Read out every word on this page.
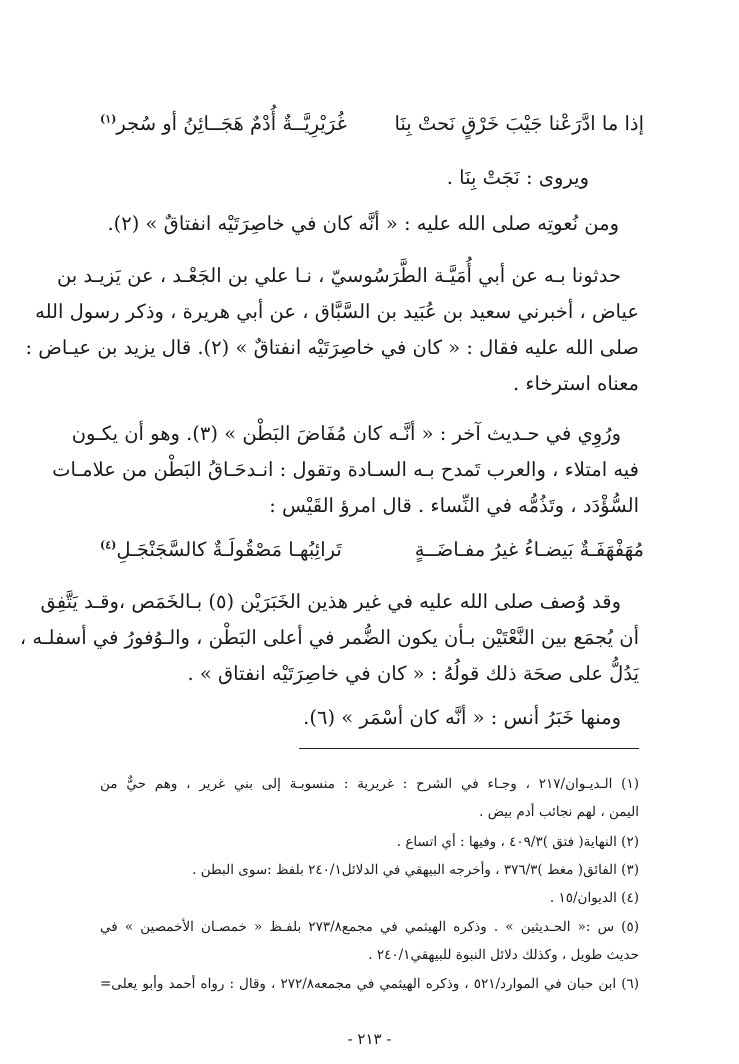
إذا ما ادَّرَعْنا جَيْبَ خَرْقٍ نَحتْ بِنَا
غُرَيْرِيَّــةٌ أُدْمٌ هَجَــائِنُ أو سُجر$^{(١)}$
ويروى : نَجَتْ بِنَا .
ومن نُعوتِه صلى الله عليه : « أنَّه كان في خاصِرَتَيْه انفتاقٌ » (٢).
حدثونا بـه عن أبي أُمَيَّـة الطَّرَسُوسيّ ، نـا علي بن الجَعْـد ، عن يَزيـد بن
عياض ، أخبرني سعيد بن عُبَيد بن السَّبَّاق ، عن أبي هريرة ، وذكر رسول الله
صلى الله عليه فقال : « كان في خاصِرَتَيْه انفتاقٌ » (٢). قال يزيد بن عيـاض :
معناه استرخاء .
ورُوِي في حـديث آخر : « أنَّـه كان مُفَاضَ البَطْن » (٣). وهو أن يكـون
فيه امتلاء ، والعرب تَمدح بـه السـادة وتقول : انـدحَـاقُ البَطْن من علامـات
السُّؤْدَد ، وتَذُمُّه في النِّساء . قال امرؤ القَيْس :
مُهَفْهَفَـةٌ بَيضـاءُ غيرُ مفـاضَــةٍ
تَرائِبُهـا مَصْقُولَـةٌ كالسَّجَنْجَـلِ$^{(٤)}$
وقد وُصف صلى الله عليه في غير هذين الخَبَرَيْن (٥) بـالخَمَص ،وقـد يَتَّفِق
أن يُجمَع بين النَّعْتَيْن بـأن يكون الضُّمر في أعلى البَطْن ، والـوُفورُ في أسفلـه ،
يَدُلُّ على صحَة ذلك قولُهُ : « كان في خاصِرَتَيْه انفتاق » .
ومنها خَبَرُ أنس : « أنَّه كان أسْمَر » (٦).
(١) الـديـوان/٢١٧ ، وجـاء في الشرح : غريرية : منسوبـة إلى بني غرير ، وهم حيٌّ من
اليمن ، لهم نجائب أدم بيض .
(٢) النهاية( فتق )٤٠٩/٣ ، وفيها : أي اتساع .
(٣) الفائق( مغط )٣٧٦/٣ ، وأخرجه البيهقي في الدلائل٢٤٠/١ بلفظ :سوى البطن .
(٤) الديوان/١٥ .
(٥) س :« الحـديثين » . وذكره الهيثمي في مجمع٢٧٣/٨ بلفـظ « خمصـان الأخمصين » في
حديث طويل ، وكذلك دلائل النبوة للبيهقي٢٤٠/١ .
(٦) ابن حبان في الموارد/٥٢١ ، وذكره الهيثمي في مجمعه٢٧٢/٨ ، وقال : رواه أحمد وأبو يعلى=
- ٢١٣ -
